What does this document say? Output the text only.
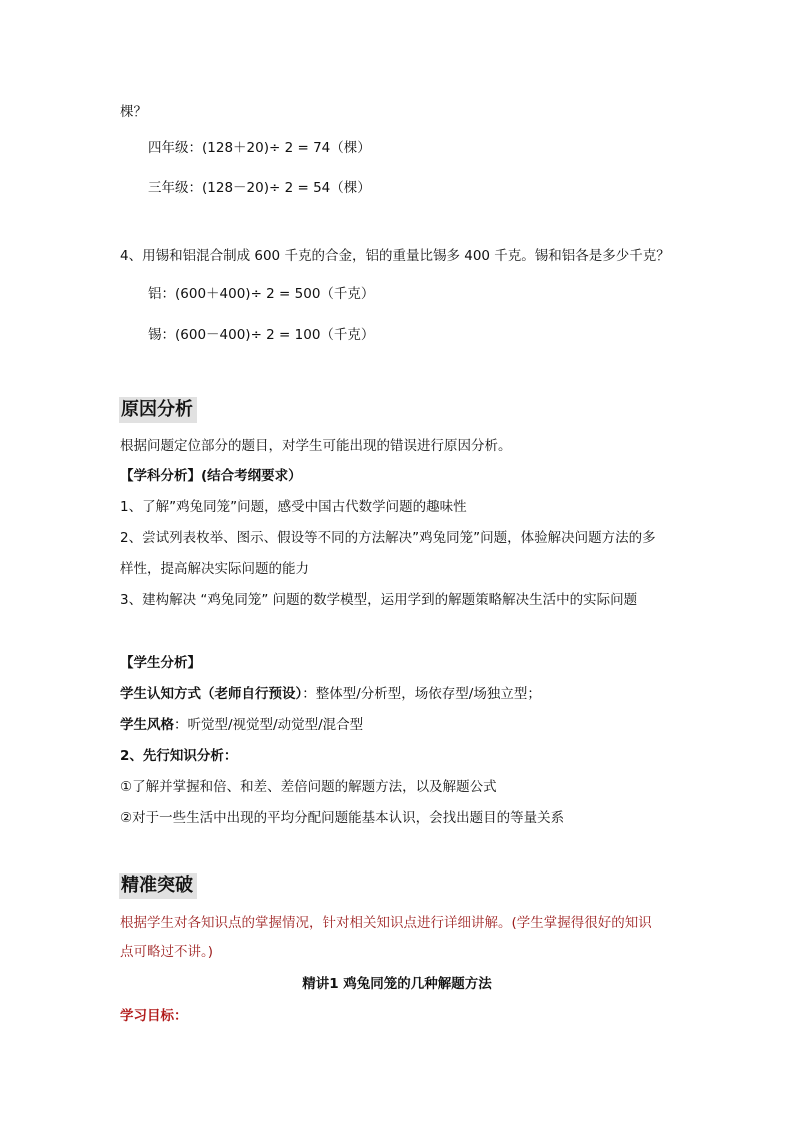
棵？
四年级：(128＋20)÷ 2 = 74（棵）
三年级：(128－20)÷ 2 = 54（棵）
4、用锡和铝混合制成 600 千克的合金，铝的重量比锡多 400 千克。锡和铝各是多少千克？
铝：(600＋400)÷ 2 = 500（千克）
锡：(600－400)÷ 2 = 100（千克）
原因分析
根据问题定位部分的题目，对学生可能出现的错误进行原因分析。
【学科分析】(结合考纲要求）
1、了解”鸡兔同笼”问题，感受中国古代数学问题的趣味性
2、尝试列表枚举、图示、假设等不同的方法解决”鸡兔同笼”问题，体验解决问题方法的多
样性，提高解决实际问题的能力
3、建构解决 “鸡兔同笼” 问题的数学模型，运用学到的解题策略解决生活中的实际问题
【学生分析】
学生认知方式（老师自行预设）：整体型/分析型，场依存型/场独立型；
学生风格：听觉型/视觉型/动觉型/混合型
2、先行知识分析：
①了解并掌握和倍、和差、差倍问题的解题方法，以及解题公式
②对于一些生活中出现的平均分配问题能基本认识，会找出题目的等量关系
精准突破
根据学生对各知识点的掌握情况，针对相关知识点进行详细讲解。(学生掌握得很好的知识
点可略过不讲。)
精讲1 鸡兔同笼的几种解题方法
学习目标：
